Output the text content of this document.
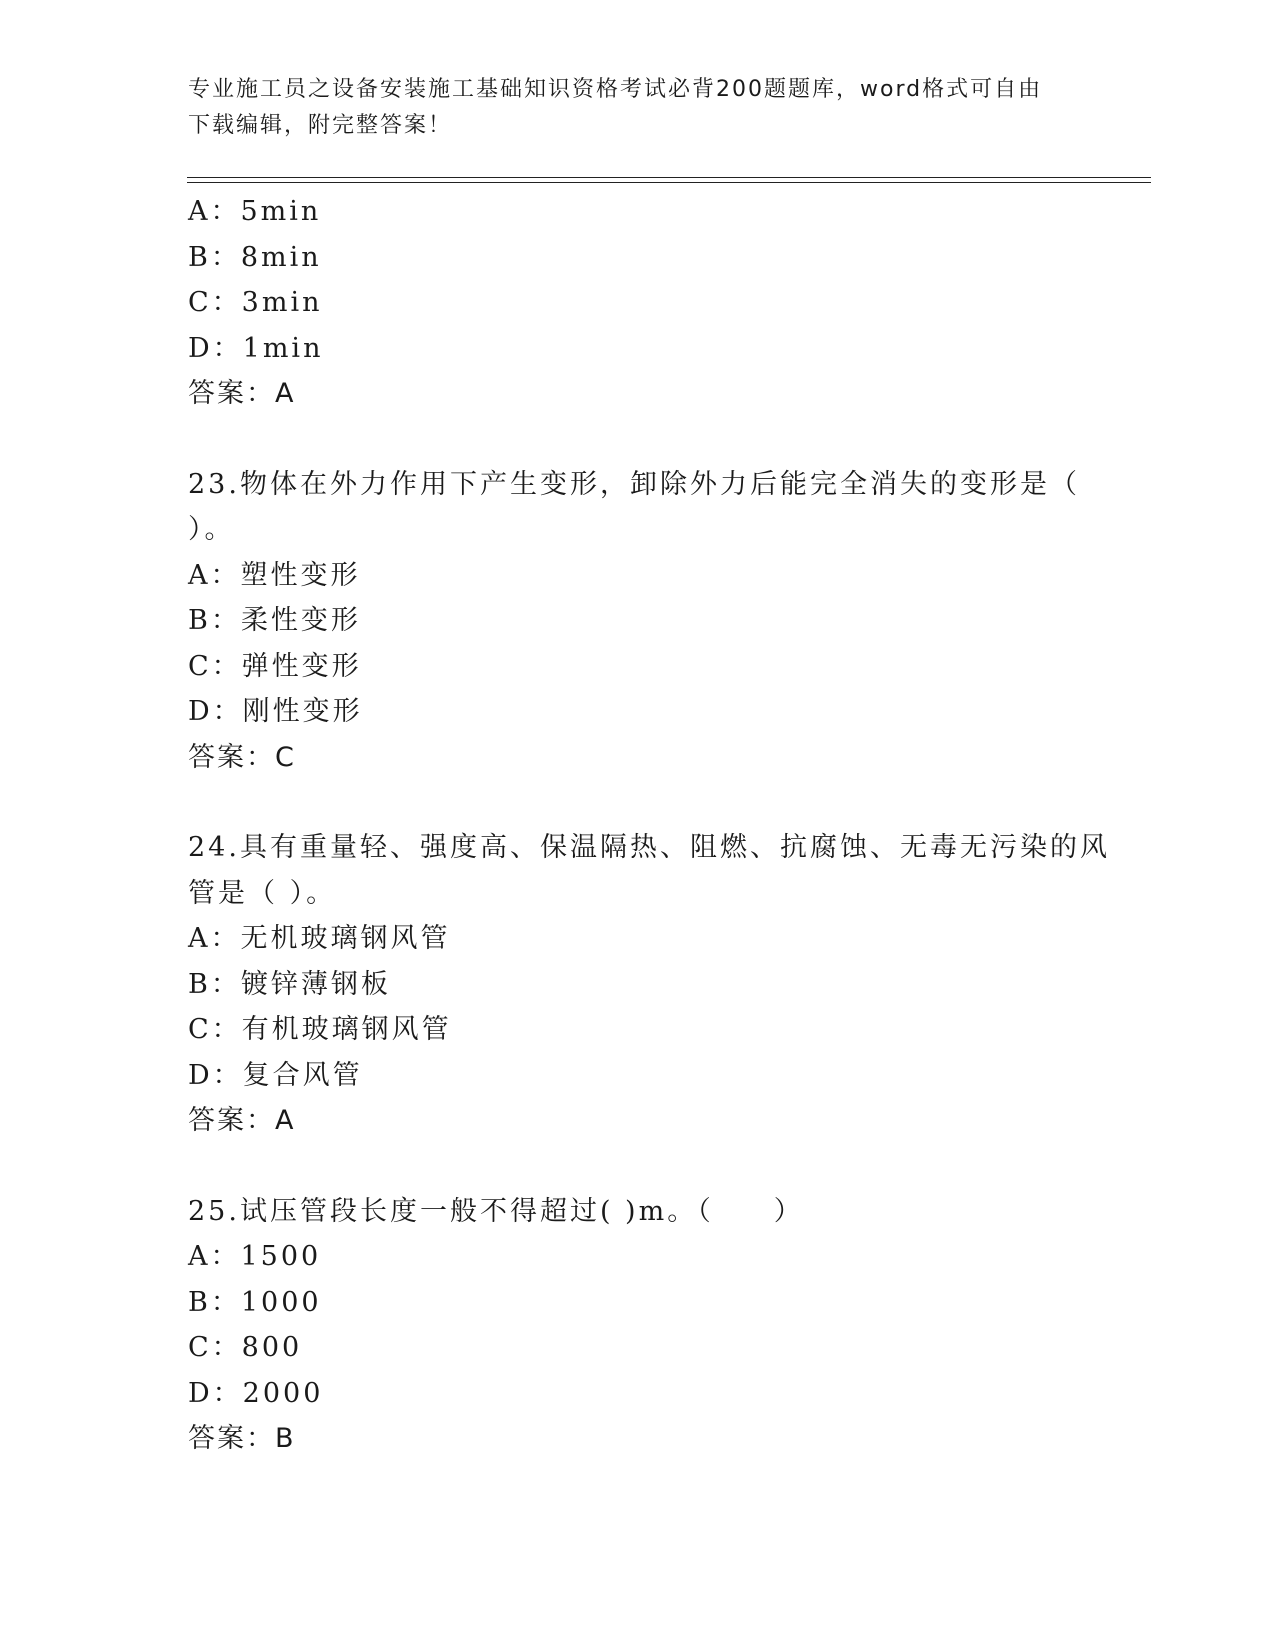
专业施工员之设备安装施工基础知识资格考试必背200题题库，word格式可自由
下载编辑，附完整答案！
A：5min
B：8min
C：3min
D：1min
答案：A
23.物体在外力作用下产生变形，卸除外力后能完全消失的变形是（
）。
A：塑性变形
B：柔性变形
C：弹性变形
D：刚性变形
答案：C
24.具有重量轻、强度高、保温隔热、阻燃、抗腐蚀、无毒无污染的风
管是（ ）。
A：无机玻璃钢风管
B：镀锌薄钢板
C：有机玻璃钢风管
D：复合风管
答案：A
25.试压管段长度一般不得超过( )m。（　　）
A：1500
B：1000
C：800
D：2000
答案：B
